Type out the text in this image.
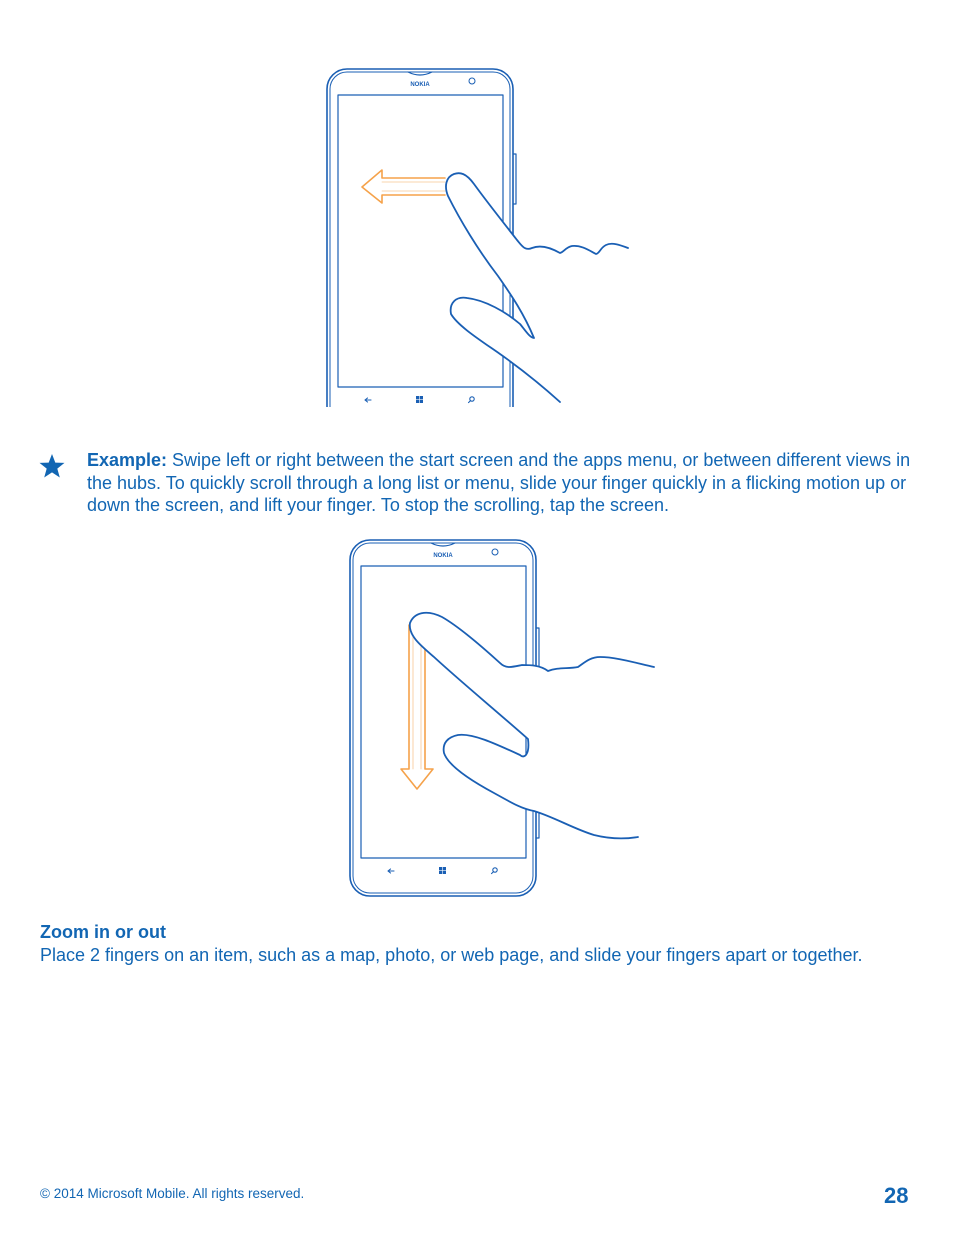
NOKIA
Example: Swipe left or right between the start screen and the apps menu, or between different views in the hubs. To quickly scroll through a long list or menu, slide your finger quickly in a flicking motion up or down the screen, and lift your finger. To stop the scrolling, tap the screen.
NOKIA
Zoom in or out
Place 2 fingers on an item, such as a map, photo, or web page, and slide your fingers apart or together.
© 2014 Microsoft Mobile. All rights reserved.	28
